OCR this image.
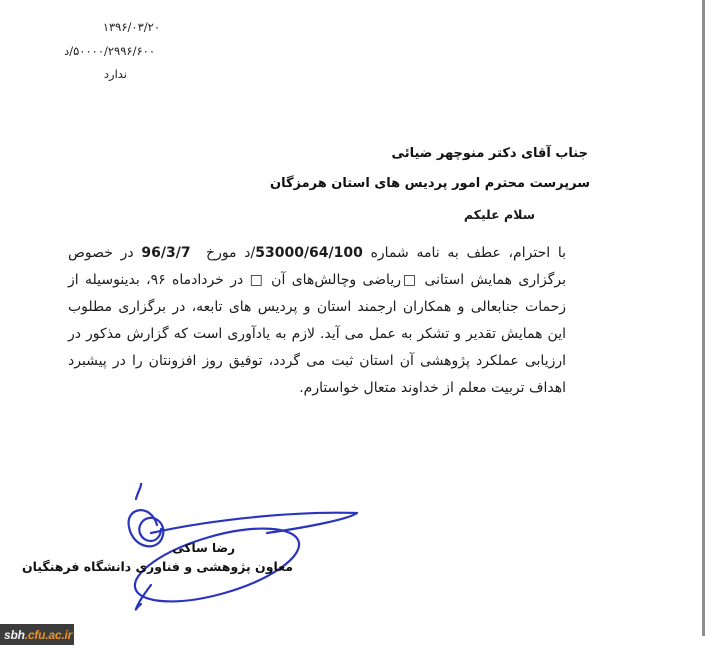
۱۳۹۶/۰۳/۲۰
۵۰۰۰۰/۲۹۹۶/۶۰۰/د
ندارد
جناب آقای دکتر منوچهر ضیائی
سرپرست محترم امور پردیس های استان هرمزگان
سلام علیکم

با احترام، عطف به نامه شماره 53000/64/100/د مورخ  96/3/7 در خصوص برگزاری همایش استانی □ریاضی وچالش‌های آن □ در خردادماه ۹۶، بدینوسیله از زحمات جنابعالی و همکاران ارجمند استان و پردیس های تابعه، در برگزاری مطلوب این همایش تقدیر و تشکر به عمل می آید. لازم به یادآوری است که گزارش مذکور در ارزیابی عملکرد پژوهشی آن استان ثبت می گردد، توفیق روز افزونتان را در پیشبرد اهداف تربیت معلم از خداوند متعال خواستارم.

رضا ساکی
معاون پژوهشی و فناوری دانشگاه فرهنگیان
sbh .cfu.ac.ir
